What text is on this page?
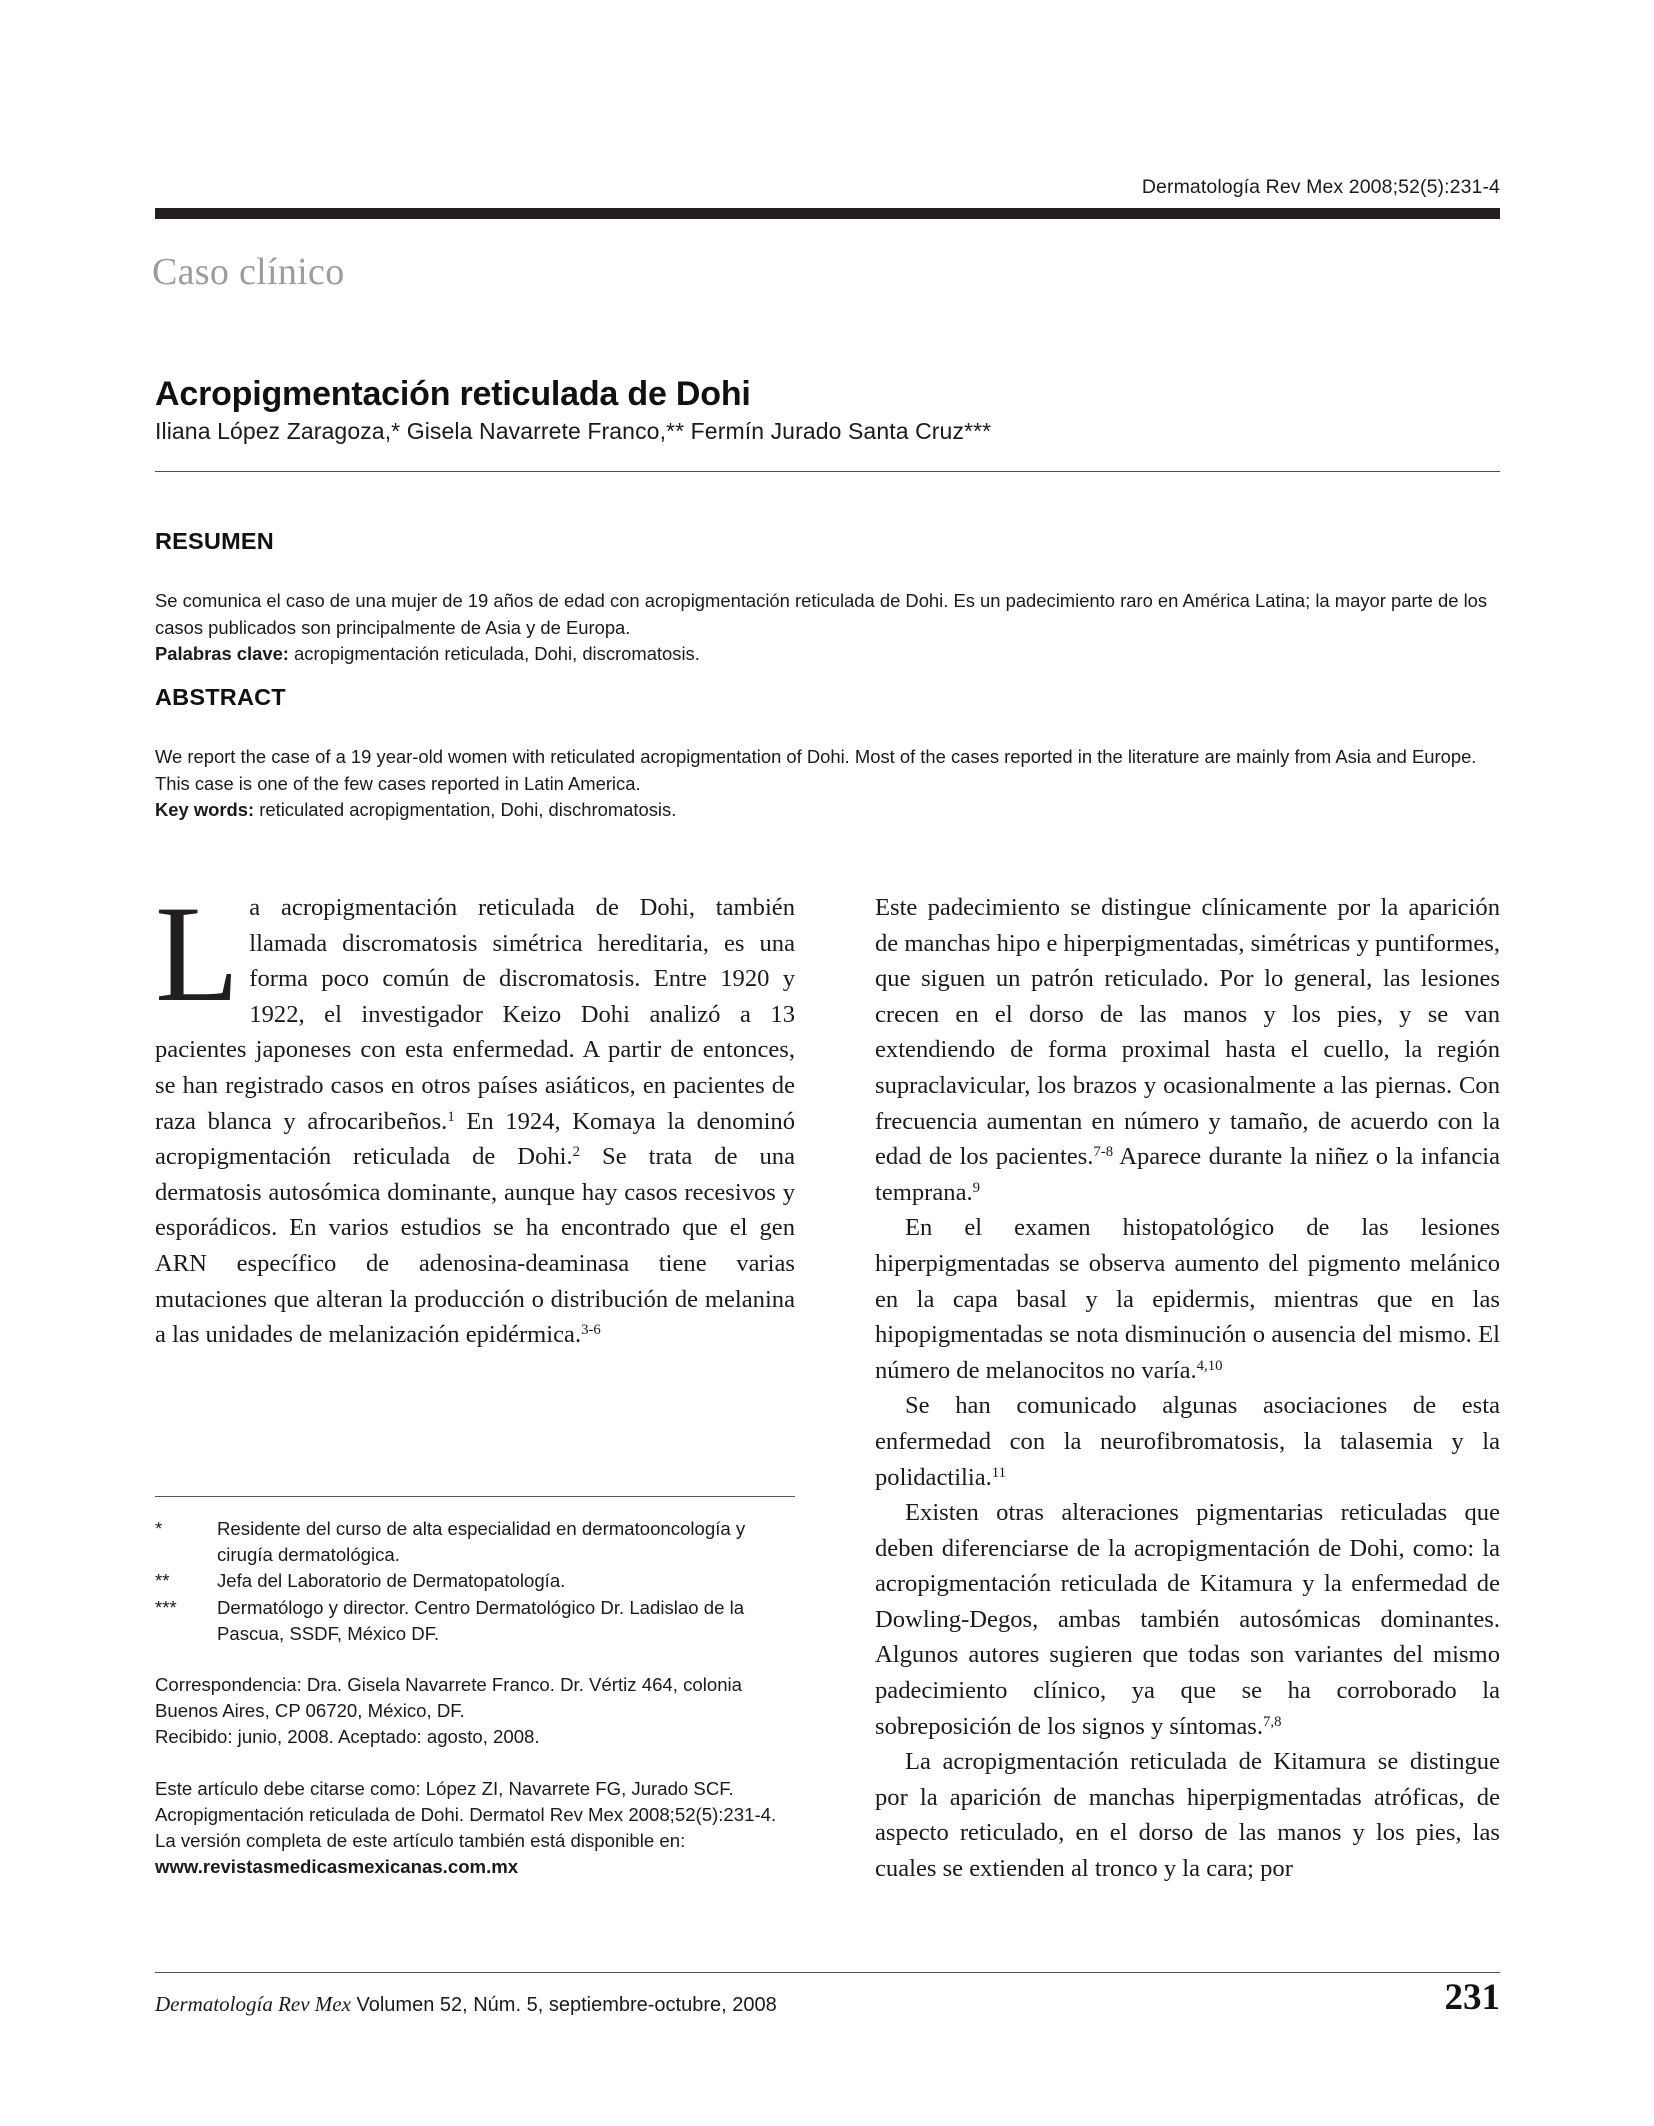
Dermatología Rev Mex 2008;52(5):231-4
Caso clínico
Acropigmentación reticulada de Dohi
Iliana López Zaragoza,* Gisela Navarrete Franco,** Fermín Jurado Santa Cruz***
RESUMEN
Se comunica el caso de una mujer de 19 años de edad con acropigmentación reticulada de Dohi. Es un padecimiento raro en América Latina; la mayor parte de los casos publicados son principalmente de Asia y de Europa.
Palabras clave: acropigmentación reticulada, Dohi, discromatosis.
ABSTRACT
We report the case of a 19 year-old women with reticulated acropigmentation of Dohi. Most of the cases reported in the literature are mainly from Asia and Europe. This case is one of the few cases reported in Latin America.
Key words: reticulated acropigmentation, Dohi, dischromatosis.

La acropigmentación reticulada de Dohi, también llamada discromatosis simétrica hereditaria, es una forma poco común de discromatosis. Entre 1920 y 1922, el investigador Keizo Dohi analizó a 13 pacientes japoneses con esta enfermedad. A partir de entonces, se han registrado casos en otros países asiáticos, en pacientes de raza blanca y afrocaribeños.$^1$ En 1924, Komaya la denominó acropigmentación reticulada de Dohi.$^2$ Se trata de una dermatosis autosómica dominante, aunque hay casos recesivos y esporádicos. En varios estudios se ha encontrado que el gen ARN específico de adenosina-deaminasa tiene varias mutaciones que alteran la producción o distribución de melanina a las unidades de melanización epidérmica.$^{3-6}$

*	Residente del curso de alta especialidad en dermatooncología y cirugía dermatológica.
**	Jefa del Laboratorio de Dermatopatología.
***	Dermatólogo y director. Centro Dermatológico Dr. Ladislao de la Pascua, SSDF, México DF.
Correspondencia: Dra. Gisela Navarrete Franco. Dr. Vértiz 464, colonia Buenos Aires, CP 06720, México, DF.
Recibido: junio, 2008. Aceptado: agosto, 2008.
Este artículo debe citarse como: López ZI, Navarrete FG, Jurado SCF. Acropigmentación reticulada de Dohi. Dermatol Rev Mex 2008;52(5):231-4.
La versión completa de este artículo también está disponible en:
www.revistasmedicasmexicanas.com.mx

Este padecimiento se distingue clínicamente por la aparición de manchas hipo e hiperpigmentadas, simétricas y puntiformes, que siguen un patrón reticulado. Por lo general, las lesiones crecen en el dorso de las manos y los pies, y se van extendiendo de forma proximal hasta el cuello, la región supraclavicular, los brazos y ocasionalmente a las piernas. Con frecuencia aumentan en número y tamaño, de acuerdo con la edad de los pacientes.$^{7-8}$ Aparece durante la niñez o la infancia temprana.$^9$

En el examen histopatológico de las lesiones hiperpigmentadas se observa aumento del pigmento melánico en la capa basal y la epidermis, mientras que en las hipopigmentadas se nota disminución o ausencia del mismo. El número de melanocitos no varía.$^{4,10}$

Se han comunicado algunas asociaciones de esta enfermedad con la neurofibromatosis, la talasemia y la polidactilia.$^{11}$

Existen otras alteraciones pigmentarias reticuladas que deben diferenciarse de la acropigmentación de Dohi, como: la acropigmentación reticulada de Kitamura y la enfermedad de Dowling-Degos, ambas también autosómicas dominantes. Algunos autores sugieren que todas son variantes del mismo padecimiento clínico, ya que se ha corroborado la sobreposición de los signos y síntomas.$^{7,8}$

La acropigmentación reticulada de Kitamura se distingue por la aparición de manchas hiperpigmentadas atróficas, de aspecto reticulado, en el dorso de las manos y los pies, las cuales se extienden al tronco y la cara; por

Dermatología Rev Mex Volumen 52, Núm. 5, septiembre-octubre, 2008	231
